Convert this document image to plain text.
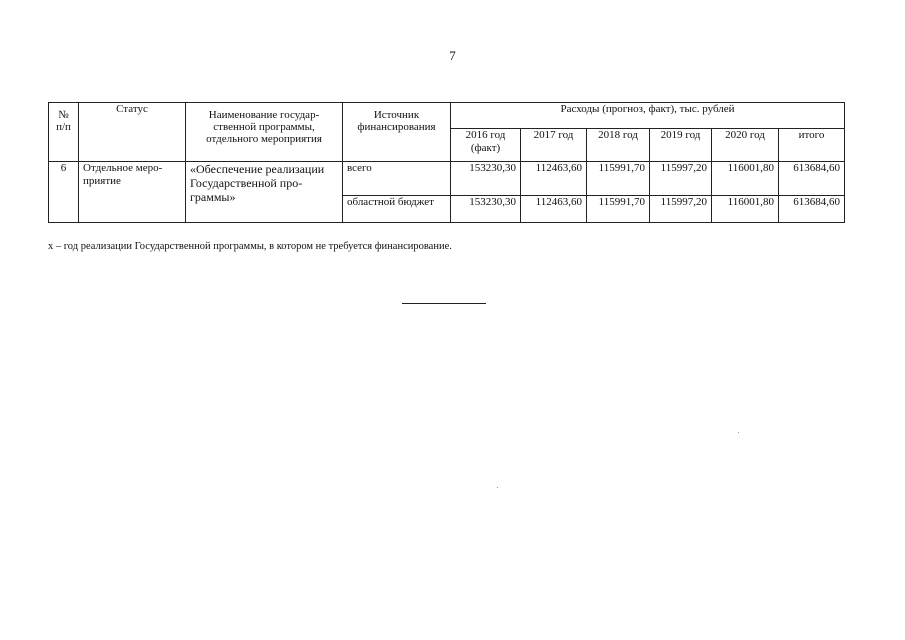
7
№ п/п	Статус	Наименование государ-ственной программы, отдельного мероприятия	Источник финансирования	Расходы (прогноз, факт), тыс. рублей					
				2016 год (факт)	2017 год	2018 год	2019 год	2020 год	итого
6	Отдельное меро-приятие	«Обеспечение реализации Государственной про-граммы»	всего	153230,30	112463,60	115991,70	115997,20	116001,80	613684,60
			областной бюджет	153230,30	112463,60	115991,70	115997,20	116001,80	613684,60
х – год реализации Государственной программы, в котором не требуется финансирование.
